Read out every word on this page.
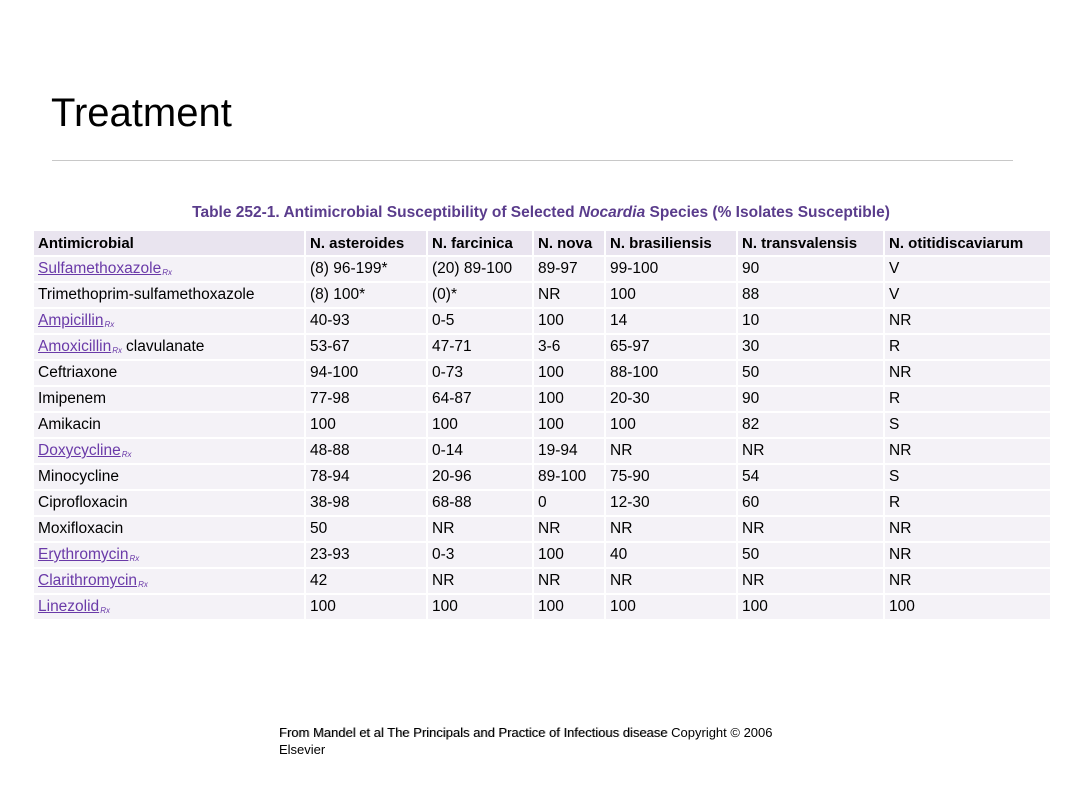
Treatment
Table 252-1. Antimicrobial Susceptibility of Selected Nocardia Species (% Isolates Susceptible)
Antimicrobial	N. asteroides	N. farcinica	N. nova	N. brasiliensis	N. transvalensis	N. otitidiscaviarum
SulfamethoxazoleRx	(8) 96-199*	(20) 89-100	89-97	99-100	90	V
Trimethoprim-sulfamethoxazole	(8) 100*	(0)*	NR	100	88	V
AmpicillinRx	40-93	0-5	100	14	10	NR
AmoxicillinRx clavulanate	53-67	47-71	3-6	65-97	30	R
Ceftriaxone	94-100	0-73	100	88-100	50	NR
Imipenem	77-98	64-87	100	20-30	90	R
Amikacin	100	100	100	100	82	S
DoxycyclineRx	48-88	0-14	19-94	NR	NR	NR
Minocycline	78-94	20-96	89-100	75-90	54	S
Ciprofloxacin	38-98	68-88	0	12-30	60	R
Moxifloxacin	50	NR	NR	NR	NR	NR
ErythromycinRx	23-93	0-3	100	40	50	NR
ClarithromycinRx	42	NR	NR	NR	NR	NR
LinezolidRx	100	100	100	100	100	100
From Mandel et al The Principals and Practice of Infectious disease Copyright © 2006 Elsevier
